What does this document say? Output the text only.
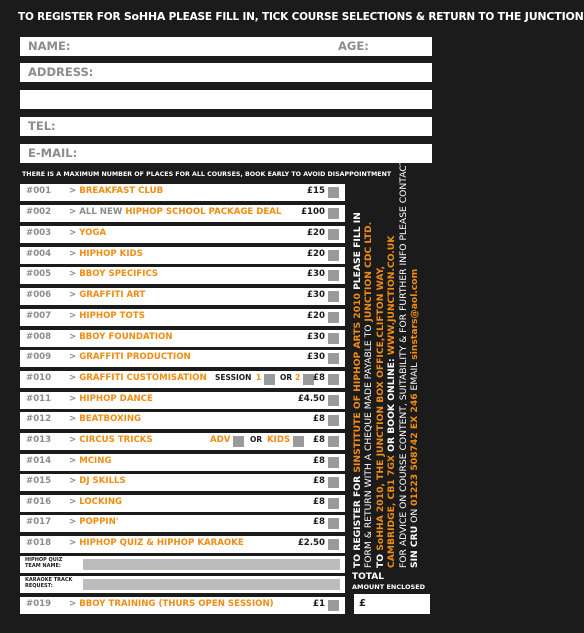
TO REGISTER FOR SoHHA PLEASE FILL IN, TICK COURSE SELECTIONS & RETURN TO THE JUNCTION
NAME:	AGE:
ADDRESS:
TEL:
E-MAIL:
THERE IS A MAXIMUM NUMBER OF PLACES FOR ALL COURSES, BOOK EARLY TO AVOID DISAPPOINTMENT
#001 > BREAKFAST CLUB	£15
#002 > ALL NEW HIPHOP SCHOOL PACKAGE DEAL £100
#003 > YOGA	£20
#004 > HIPHOP KIDS	£20
#005 > BBOY SPECIFICS	£30
#006 > GRAFFITI ART	£30
#007 > HIPHOP TOTS	£20
#008 > BBOY FOUNDATION	£30
#009 > GRAFFITI PRODUCTION	£30
#010 > GRAFFITI CUSTOMISATION SESSION 1	OR 2 £8
#011 > HIPHOP DANCE	£4.50
#012 > BEATBOXING	£8
#013 > CIRCUS TRICKS	ADV	OR KIDS	£8
#014 > MCING	£8
#015 > DJ SKILLS	£8
#016 > LOCKING	£8
#017 > POPPIN'	£8
#018 > HIPHOP QUIZ & HIPHOP KARAOKE	£2.50
HIPHOP QUIZ
TEAM NAME:
KARAOKE TRACK
REQUEST:
#019 > BBOY TRAINING (THURS OPEN SESSION)	£1
TO REGISTER FOR SINSTITUTE OF HIPHOP ARTS 2010 PLEASE FILL IN
FORM & RETURN WITH A CHEQUE MADE PAYABLE TO JUNCTION CDC LTD.
TO SoHHA 2010, THE JUNCTION BOX OFFICE,CLIFTON WAY, CAMBRIDGE, CB1 7GX OR BOOK ONLINE: WWW.JUNCTION.CO.UK FOR ADVICE ON COURSE CONTENT, SUITABILITY & FOR FURTHER INFO PLEASE CONTACT SIN CRU ON 01223 508742 EX 246 EMAIL sinstars@aol.com
TOTAL
AMOUNT ENCLOSED
£
